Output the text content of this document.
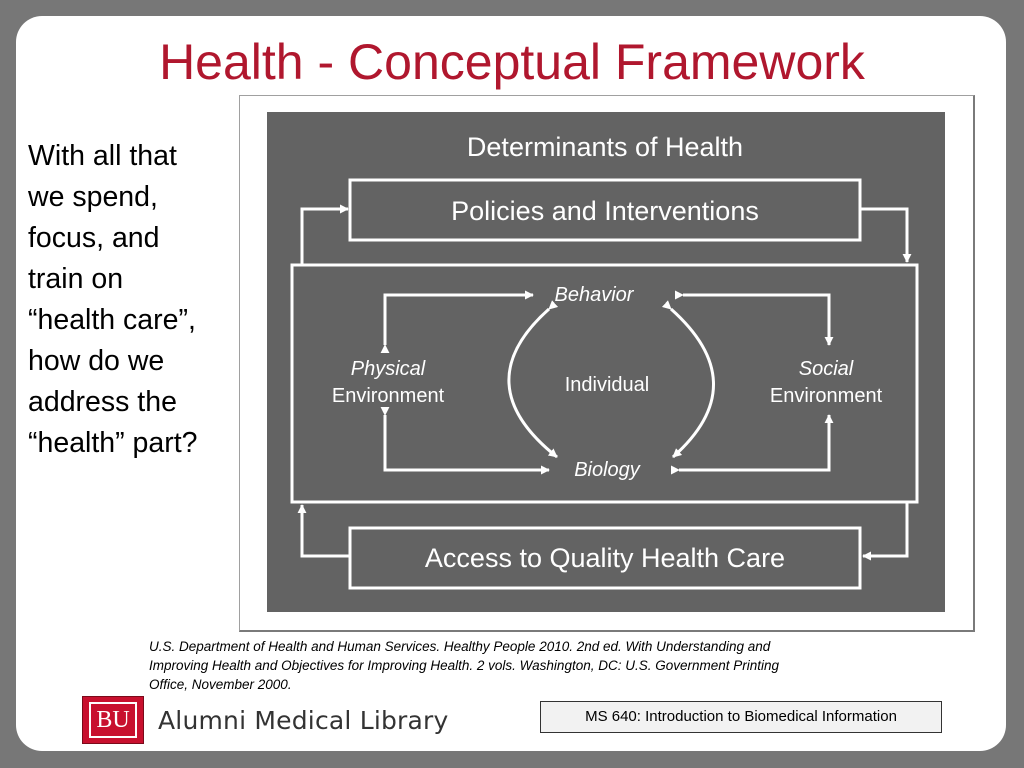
Health - Conceptual Framework
With all that
we spend,
focus, and
train on
“health care”,
how do we
address the
“health” part?
Determinants of Health
Policies and Interventions
Access to Quality Health Care
Behavior
Biology
Individual
Physical
Environment
Social
Environment
U.S. Department of Health and Human Services. Healthy People 2010. 2nd ed. With Understanding and
Improving Health and Objectives for Improving Health. 2 vols. Washington, DC: U.S. Government Printing
Office, November 2000.
BU Alumni Medical Library	MS 640: Introduction to Biomedical Information
